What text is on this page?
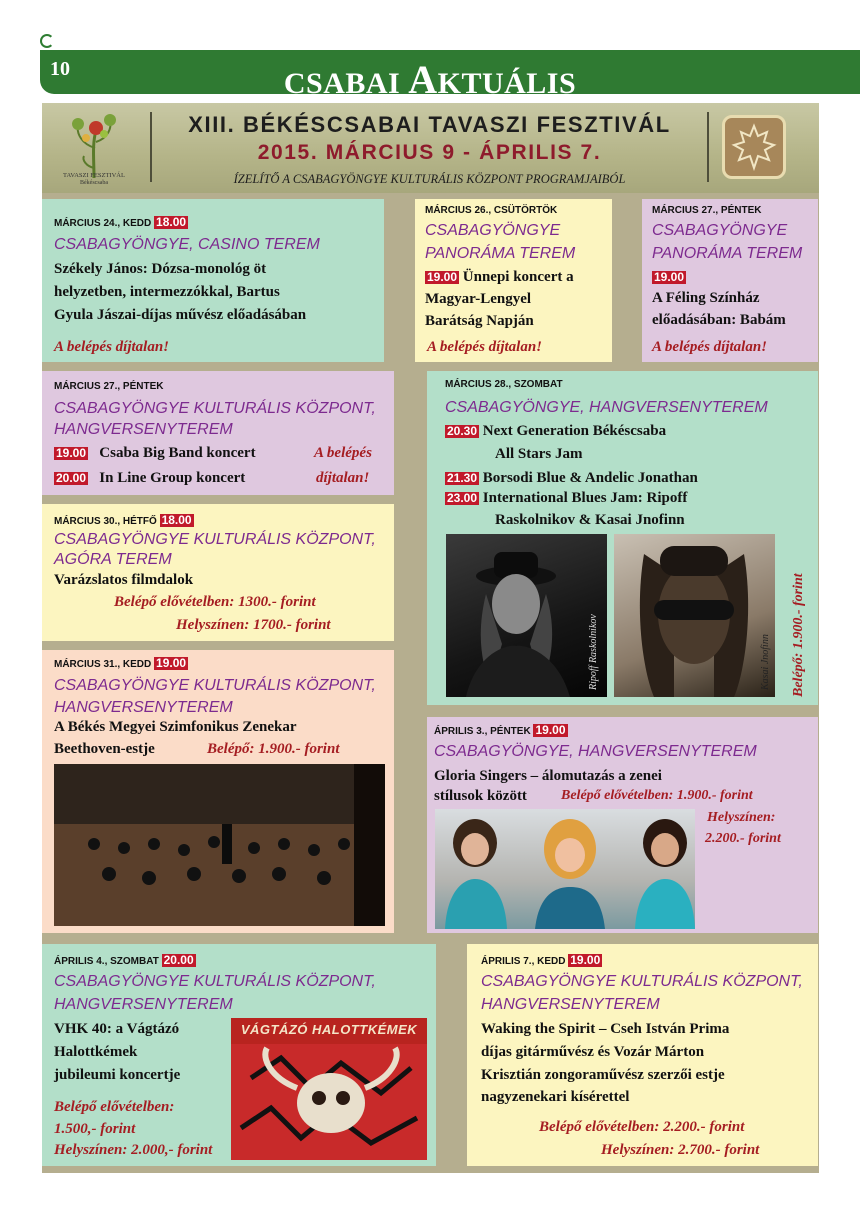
10	CSABAI AKTUÁLIS
TAVASZI FESZTIVÁL
Békéscsaba
XIII. BÉKÉSCSABAI TAVASZI FESZTIVÁL
2015. MÁRCIUS 9 - ÁPRILIS 7.
ÍZELÍTŐ A CSABAGYÖNGYE KULTURÁLIS KÖZPONT PROGRAMJAIBÓL
MÁRCIUS 24., KEDD 18.00
CSABAGYÖNGYE, CASINO TEREM
Székely János: Dózsa-monológ öt
helyzetben, intermezzókkal, Bartus
Gyula Jászai-díjas művész előadásában
A belépés díjtalan!
MÁRCIUS 26., CSÜTÖRTÖK
CSABAGYÖNGYE
PANORÁMA TEREM
19.00 Ünnepi koncert a
Magyar-Lengyel
Barátság Napján
A belépés díjtalan!
MÁRCIUS 27., PÉNTEK
CSABAGYÖNGYE
PANORÁMA TEREM
19.00
A Féling Színház
előadásában: Babám
A belépés díjtalan!
MÁRCIUS 27., PÉNTEK
CSABAGYÖNGYE KULTURÁLIS KÖZPONT,
HANGVERSENYTEREM
19.00 Csaba Big Band koncert
20.00 In Line Group koncert
A belépés
díjtalan!
MÁRCIUS 28., SZOMBAT
CSABAGYÖNGYE, HANGVERSENYTEREM
20.30 Next Generation Békéscsaba
All Stars Jam
21.30 Borsodi Blue & Andelic Jonathan
23.00 International Blues Jam: Ripoff
Raskolnikov & Kasai Jnofinn
Ripoff Raskolnikov	Kasai Jnofinn Belépő: 1.900.- forint
MÁRCIUS 30., HÉTFŐ 18.00
CSABAGYÖNGYE KULTURÁLIS KÖZPONT,
AGÓRA TEREM
Varázslatos filmdalok
Belépő elővételben: 1300.- forint
Helyszínen: 1700.- forint
MÁRCIUS 31., KEDD 19.00
CSABAGYÖNGYE KULTURÁLIS KÖZPONT,
HANGVERSENYTEREM
A Békés Megyei Szimfonikus Zenekar
Beethoven-estje	Belépő: 1.900.- forint
ÁPRILIS 3., PÉNTEK 19.00
CSABAGYÖNGYE, HANGVERSENYTEREM
Gloria Singers – álomutazás a zenei
stílusok között Belépő elővételben: 1.900.- forint
Helyszínen:
2.200.- forint
ÁPRILIS 4., SZOMBAT 20.00
CSABAGYÖNGYE KULTURÁLIS KÖZPONT,
HANGVERSENYTEREM
VHK 40: a Vágtázó
Halottkémek
jubileumi koncertje
Belépő elővételben:
1.500,- forint
Helyszínen: 2.000,- forint
VÁGTÁZÓ HALOTTKÉMEK
ÁPRILIS 7., KEDD 19.00
CSABAGYÖNGYE KULTURÁLIS KÖZPONT,
HANGVERSENYTEREM
Waking the Spirit – Cseh István Prima
díjas gitárművész és Vozár Márton
Krisztián zongoraművész szerzői estje
nagyzenekari kísérettel
Belépő elővételben: 2.200.- forint
Helyszínen: 2.700.- forint
